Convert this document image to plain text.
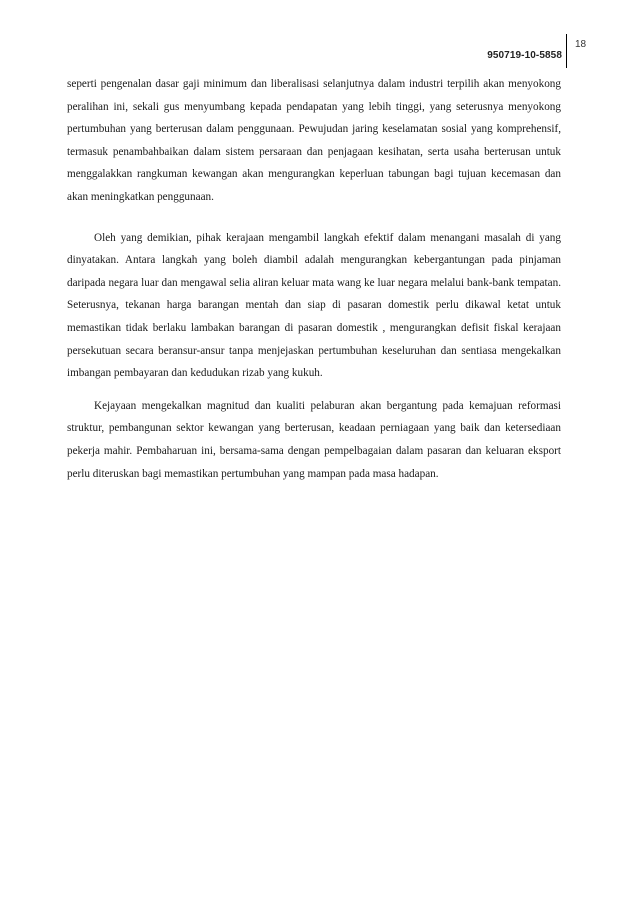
950719-10-5858
18

seperti pengenalan dasar gaji minimum dan liberalisasi selanjutnya dalam industri terpilih akan menyokong peralihan ini, sekali gus menyumbang kepada pendapatan yang lebih tinggi, yang seterusnya menyokong pertumbuhan yang berterusan dalam penggunaan. Pewujudan jaring keselamatan sosial yang komprehensif, termasuk penambahbaikan dalam sistem persaraan dan penjagaan kesihatan, serta usaha berterusan untuk menggalakkan rangkuman kewangan akan mengurangkan keperluan tabungan bagi tujuan kecemasan dan akan meningkatkan penggunaan.

Oleh yang demikian, pihak kerajaan mengambil langkah efektif dalam menangani masalah di yang dinyatakan. Antara langkah yang boleh diambil adalah mengurangkan kebergantungan pada pinjaman daripada negara luar dan mengawal selia aliran keluar mata wang ke luar negara melalui bank-bank tempatan. Seterusnya, tekanan harga barangan mentah dan siap di pasaran domestik perlu dikawal ketat untuk memastikan tidak berlaku lambakan barangan di pasaran domestik , mengurangkan defisit fiskal kerajaan persekutuan secara beransur-ansur tanpa menjejaskan pertumbuhan keseluruhan dan sentiasa mengekalkan imbangan pembayaran dan kedudukan rizab yang kukuh.

Kejayaan mengekalkan magnitud dan kualiti pelaburan akan bergantung pada kemajuan reformasi struktur, pembangunan sektor kewangan yang berterusan, keadaan perniagaan yang baik dan ketersediaan pekerja mahir. Pembaharuan ini, bersama-sama dengan pempelbagaian dalam pasaran dan keluaran eksport perlu diteruskan bagi memastikan pertumbuhan yang mampan pada masa hadapan.
